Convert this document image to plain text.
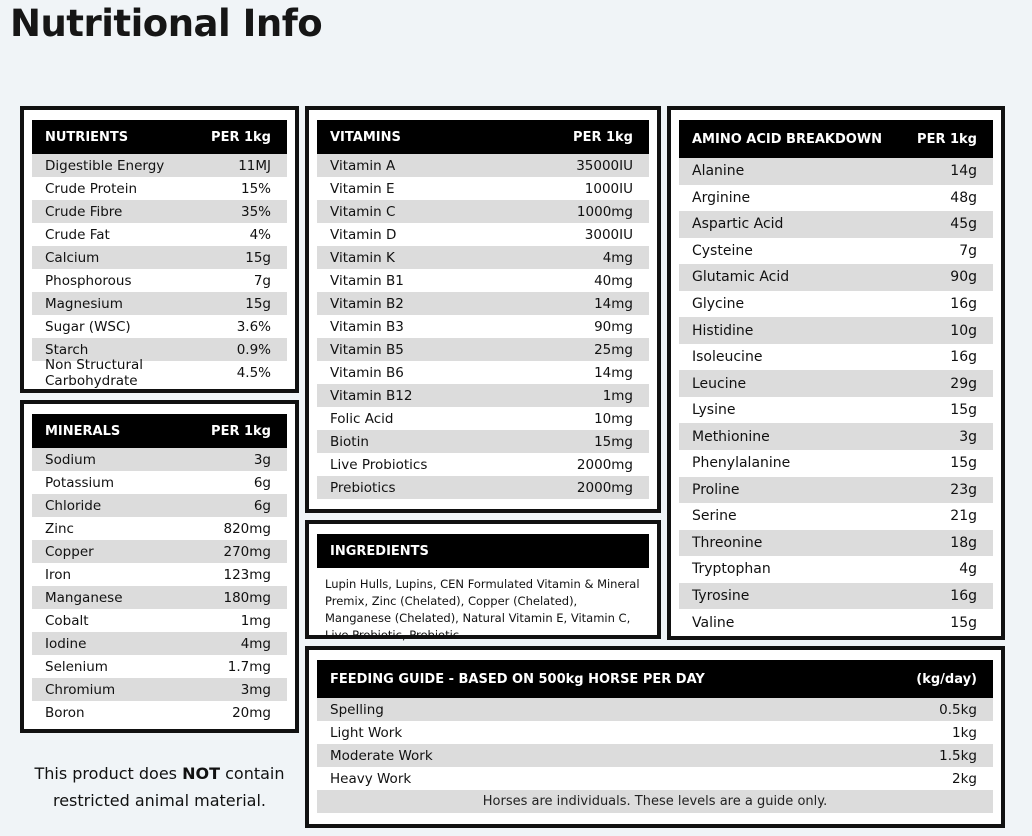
Nutritional Info
NUTRIENTS	PER 1kg
Digestible Energy	11MJ
Crude Protein	15%
Crude Fibre	35%
Crude Fat	4%
Calcium	15g
Phosphorous	7g
Magnesium	15g
Sugar (WSC)	3.6%
Starch	0.9%
Non Structural Carbohydrate	4.5%
MINERALS	PER 1kg
Sodium	3g
Potassium	6g
Chloride	6g
Zinc	820mg
Copper	270mg
Iron	123mg
Manganese	180mg
Cobalt	1mg
Iodine	4mg
Selenium	1.7mg
Chromium	3mg
Boron	20mg
VITAMINS	PER 1kg
Vitamin A	35000IU
Vitamin E	1000IU
Vitamin C	1000mg
Vitamin D	3000IU
Vitamin K	4mg
Vitamin B1	40mg
Vitamin B2	14mg
Vitamin B3	90mg
Vitamin B5	25mg
Vitamin B6	14mg
Vitamin B12	1mg
Folic Acid	10mg
Biotin	15mg
Live Probiotics	2000mg
Prebiotics	2000mg
INGREDIENTS

Lupin Hulls, Lupins, CEN Formulated Vitamin & Mineral Premix, Zinc (Chelated), Copper (Chelated), Manganese (Chelated), Natural Vitamin E, Vitamin C, Live Probiotic, Prebiotic.

AMINO ACID BREAKDOWN	PER 1kg
Alanine	14g
Arginine	48g
Aspartic Acid	45g
Cysteine	7g
Glutamic Acid	90g
Glycine	16g
Histidine	10g
Isoleucine	16g
Leucine	29g
Lysine	15g
Methionine	3g
Phenylalanine	15g
Proline	23g
Serine	21g
Threonine	18g
Tryptophan	4g
Tyrosine	16g
Valine	15g
FEEDING GUIDE - BASED ON 500kg HORSE PER DAY	(kg/day)
Spelling	0.5kg
Light Work	1kg
Moderate Work	1.5kg
Heavy Work	2kg
Horses are individuals. These levels are a guide only.

This product does NOT contain restricted animal material.
